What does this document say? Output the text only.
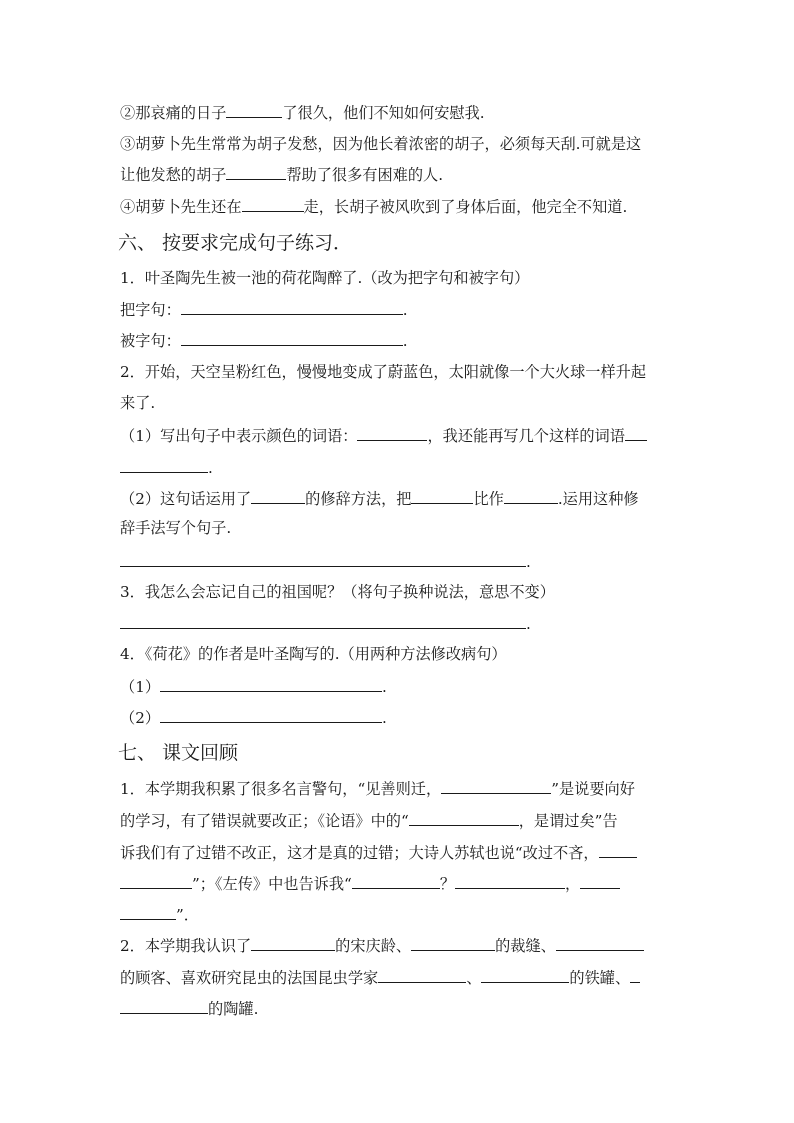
②那哀痛的日子	了很久，他们不知如何安慰我.
③胡萝卜先生常常为胡子发愁，因为他长着浓密的胡子，必须每天刮.可就是这
让他发愁的胡子	帮助了很多有困难的人.
④胡萝卜先生还在	走，长胡子被风吹到了身体后面，他完全不知道.
六、 按要求完成句子练习．
1．叶圣陶先生被一池的荷花陶醉了.（改为把字句和被字句）
把字句：	.
被字句：	.
2．开始，天空呈粉红色，慢慢地变成了蔚蓝色，太阳就像一个大火球一样升起
来了.
（1）写出句子中表示颜色的词语：	，我还能再写几个这样的词语
.
（2）这句话运用了	的修辞方法，把	比作	.运用这种修
辞手法写个句子.
.
3．我怎么会忘记自己的祖国呢？（将句子换种说法，意思不变）
.
4．《荷花》的作者是叶圣陶写的.（用两种方法修改病句）
（1）	.
（2）	.
七、 课文回顾
1．本学期我积累了很多名言警句，“见善则迁，	”是说要向好
的学习，有了错误就要改正；《论语》中的“	，是谓过矣”告
诉我们有了过错不改正，这才是真的过错；大诗人苏轼也说“改过不吝，
”；《左传》中也告诉我“	？	，
”．
2．本学期我认识了	的宋庆龄、	的裁缝、
的顾客、喜欢研究昆虫的法国昆虫学家	、	的铁罐、
的陶罐.
